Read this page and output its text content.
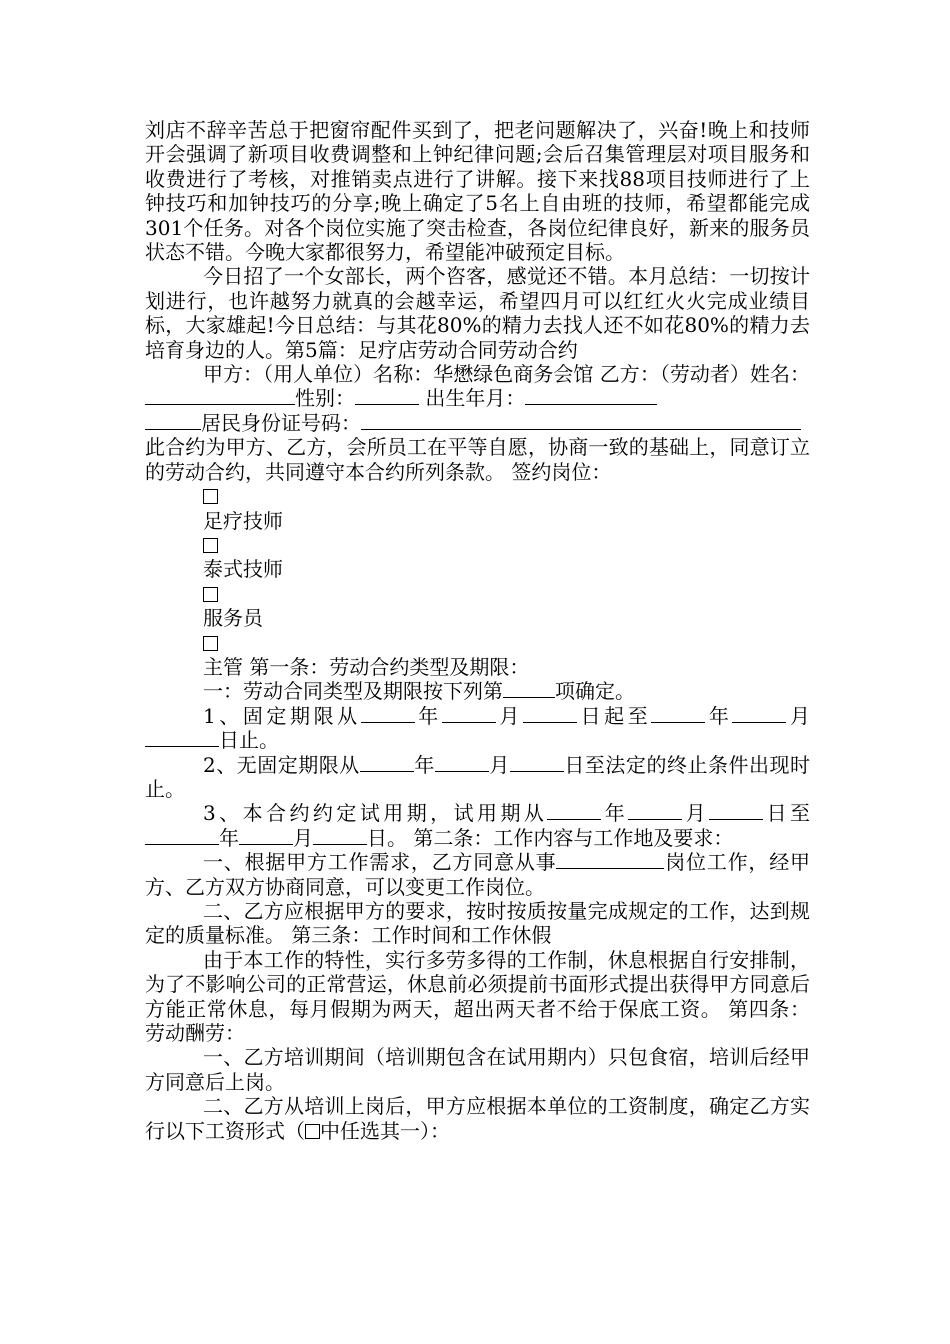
刘店不辞辛苦总于把窗帘配件买到了，把老问题解决了，兴奋!晚上和技师开会强调了新项目收费调整和上钟纪律问题;会后召集管理层对项目服务和收费进行了考核，对推销卖点进行了讲解。接下来找88项目技师进行了上钟技巧和加钟技巧的分享;晚上确定了5名上自由班的技师，希望都能完成301个任务。对各个岗位实施了突击检查，各岗位纪律良好，新来的服务员状态不错。今晚大家都很努力，希望能冲破预定目标。

今日招了一个女部长，两个咨客，感觉还不错。本月总结：一切按计划进行，也许越努力就真的会越幸运，希望四月可以红红火火完成业绩目标，大家雄起!今日总结：与其花80%的精力去找人还不如花80%的精力去培育身边的人。第5篇：足疗店劳动合同劳动合约

甲方：（用人单位）名称：华懋绿色商务会馆 乙方：（劳动者）姓名：性别：	出生年月：

居民身份证号码：

此合约为甲方、乙方，会所员工在平等自愿，协商一致的基础上，同意订立的劳动合约，共同遵守本合约所列条款。 签约岗位：

足疗技师

泰式技师

服务员

主管 第一条：劳动合约类型及期限：

一：劳动合同类型及期限按下列第	项确定。

1、固定期限从	年	月	日起至	年	月日止。

2、无固定期限从	年	月	日至法定的终止条件出现时止。

3、本合约约定试用期，试用期从	年	月	日至年	月	日。 第二条：工作内容与工作地及要求：

一、根据甲方工作需求，乙方同意从事	岗位工作，经甲方、乙方双方协商同意，可以变更工作岗位。

二、乙方应根据甲方的要求，按时按质按量完成规定的工作，达到规定的质量标准。 第三条：工作时间和工作休假

由于本工作的特性，实行多劳多得的工作制，休息根据自行安排制，为了不影响公司的正常营运，休息前必须提前书面形式提出获得甲方同意后方能正常休息，每月假期为两天，超出两天者不给于保底工资。 第四条：劳动酬劳：

一、乙方培训期间（培训期包含在试用期内）只包食宿，培训后经甲方同意后上岗。

二、乙方从培训上岗后，甲方应根据本单位的工资制度，确定乙方实行以下工资形式（ 中任选其一）：
